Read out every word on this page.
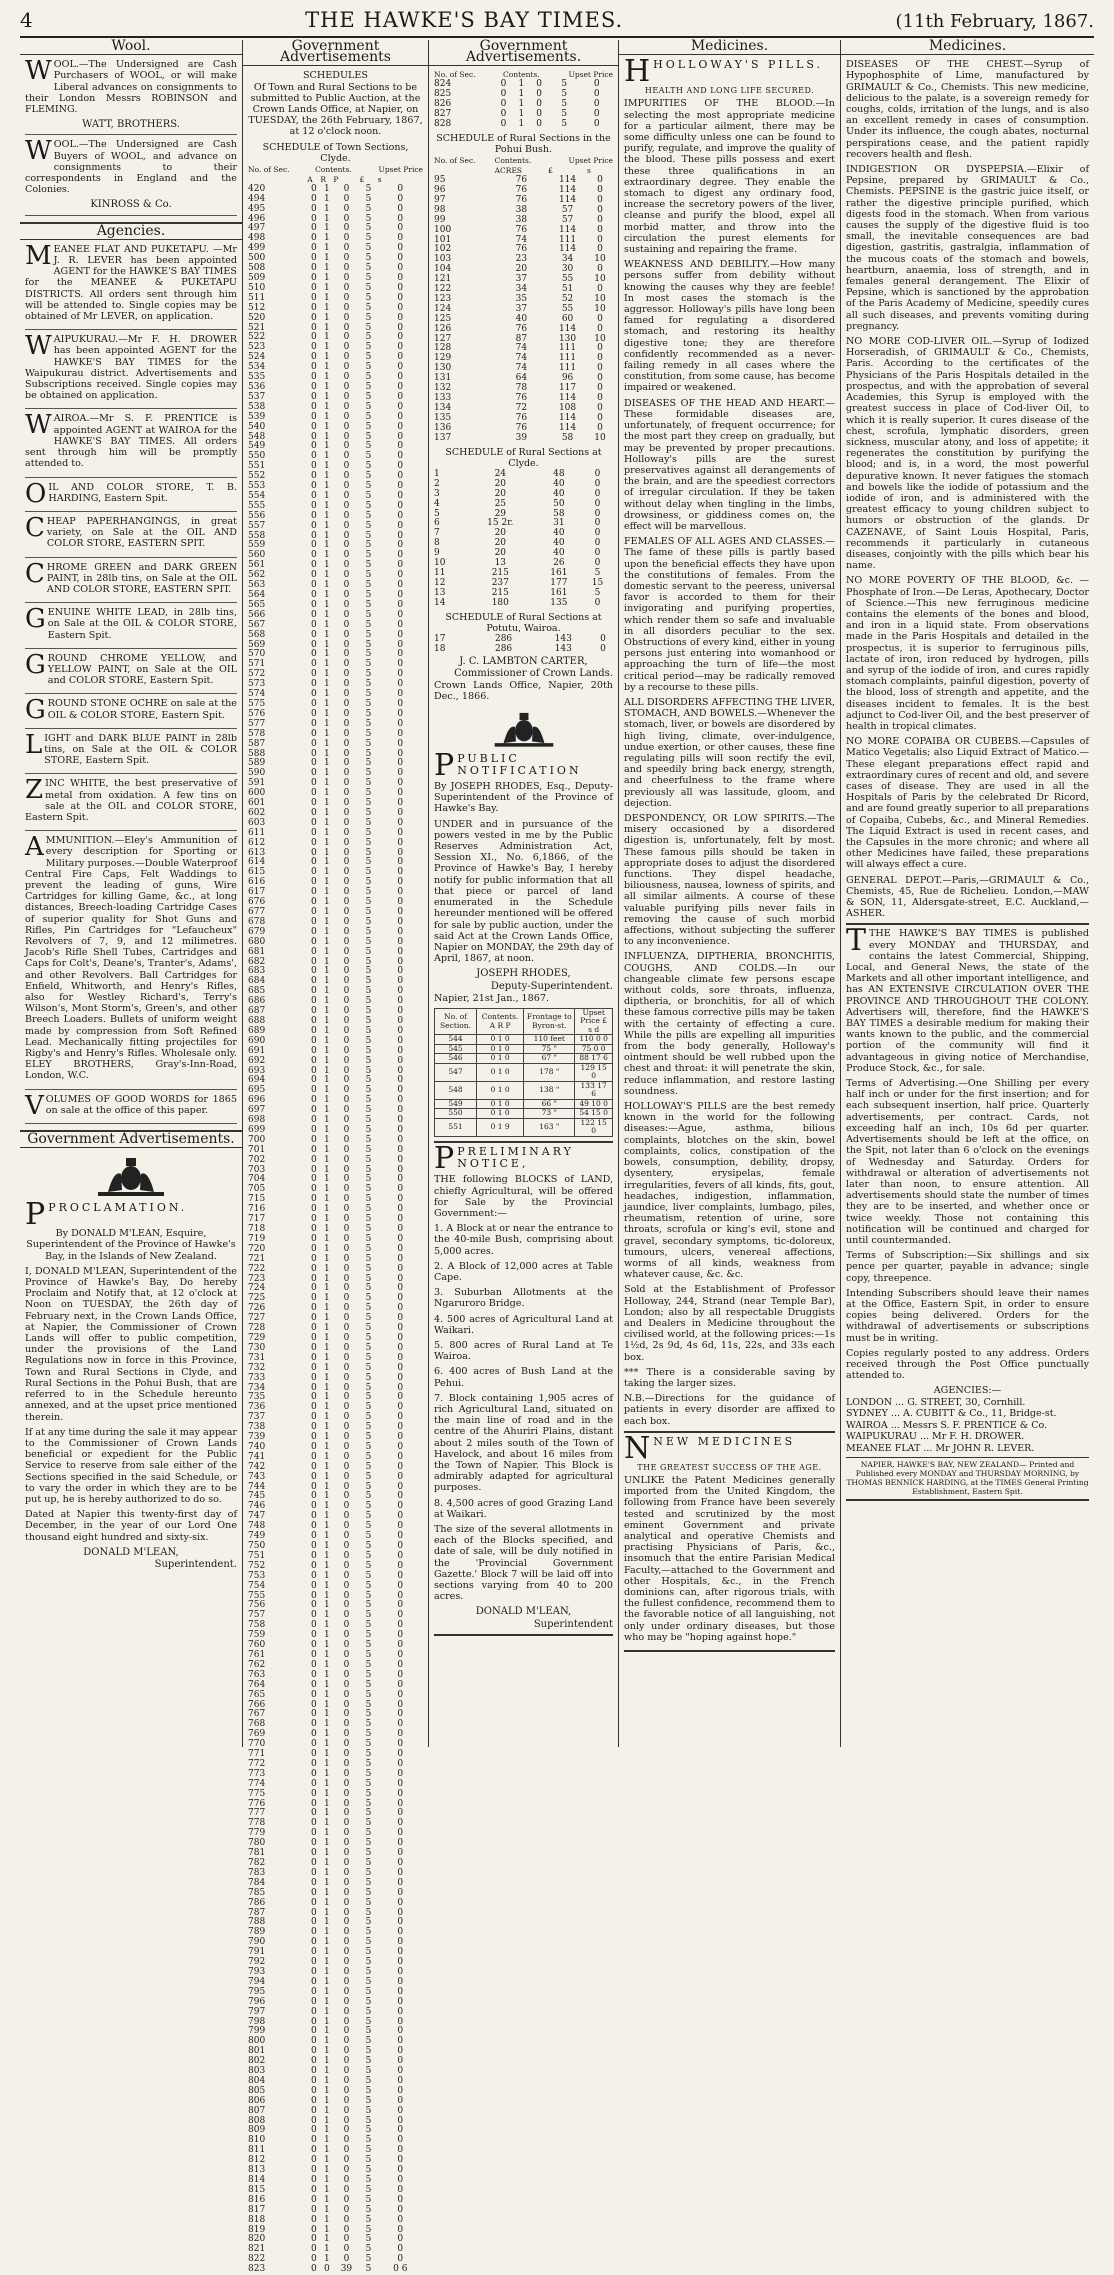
4	THE HAWKE'S BAY TIMES.	(11th February, 1867.
Wool.

WOOL.—The Undersigned are Cash Purchasers of WOOL, or will make Liberal advances on consignments to their London Messrs ROBINSON and FLEMING.

WATT, BROTHERS.

WOOL.—The Undersigned are Cash Buyers of WOOL, and advance on consignments to their correspondents in England and the Colonies.

KINROSS & Co.
Agencies.

MEANEE FLAT AND PUKETAPU. —Mr J. R. LEVER has been appointed AGENT for the HAWKE'S BAY TIMES for the MEANEE & PUKETAPU DISTRICTS. All orders sent through him will be attended to. Single copies may be obtained of Mr LEVER, on application.

WAIPUKURAU.—Mr F. H. DROWER has been appointed AGENT for the HAWKE'S BAY TIMES for the Waipukurau district. Advertisements and Subscriptions received. Single copies may be obtained on application.

WAIROA.—Mr S. F. PRENTICE is appointed AGENT at WAIROA for the HAWKE'S BAY TIMES. All orders sent through him will be promptly attended to.

OIL AND COLOR STORE, T. B. HARDING, Eastern Spit.

CHEAP PAPERHANGINGS, in great variety, on Sale at the OIL AND COLOR STORE, EASTERN SPIT.

CHROME GREEN and DARK GREEN PAINT, in 28lb tins, on Sale at the OIL AND COLOR STORE, EASTERN SPIT.

GENUINE WHITE LEAD, in 28lb tins, on Sale at the OIL & COLOR STORE, Eastern Spit.

GROUND CHROME YELLOW, and YELLOW PAINT, on Sale at the OIL and COLOR STORE, Eastern Spit.

GROUND STONE OCHRE on sale at the OIL & COLOR STORE, Eastern Spit.

LIGHT and DARK BLUE PAINT in 28lb tins, on Sale at the OIL & COLOR STORE, Eastern Spit.

ZINC WHITE, the best preservative of metal from oxidation. A few tins on sale at the OIL and COLOR STORE, Eastern Spit.

AMMUNITION.—Eley's Ammunition of every description for Sporting or Military purposes.—Double Waterproof Central Fire Caps, Felt Waddings to prevent the leading of guns, Wire Cartridges for killing Game, &c., at long distances, Breech-loading Cartridge Cases of superior quality for Shot Guns and Rifles, Pin Cartridges for "Lefaucheux" Revolvers of 7, 9, and 12 milimetres. Jacob's Rifle Shell Tubes, Cartridges and Caps for Colt's, Deane's, Tranter's, Adams', and other Revolvers. Ball Cartridges for Enfield, Whitworth, and Henry's Rifles, also for Westley Richard's, Terry's Wilson's, Mont Storm's, Green's, and other Breech Loaders. Bullets of uniform weight made by compression from Soft Refined Lead. Mechanically fitting projectiles for Rigby's and Henry's Rifles. Wholesale only. ELEY BROTHERS, Gray's-Inn-Road, London, W.C.

VOLUMES OF GOOD WORDS for 1865 on sale at the office of this paper.

Government Advertisements.

PPROCLAMATION.

By DONALD M'LEAN, Esquire, Superintendent of the Province of Hawke's Bay, in the Islands of New Zealand.

I, DONALD M'LEAN, Superintendent of the Province of Hawke's Bay, Do hereby Proclaim and Notify that, at 12 o'clock at Noon on TUESDAY, the 26th day of February next, in the Crown Lands Office, at Napier, the Commissioner of Crown Lands will offer to public competition, under the provisions of the Land Regulations now in force in this Province, Town and Rural Sections in Clyde, and Rural Sections in the Pohui Bush, that are referred to in the Schedule hereunto annexed, and at the upset price mentioned therein.

If at any time during the sale it may appear to the Commissioner of Crown Lands beneficial or expedient for the Public Service to reserve from sale either of the Sections specified in the said Schedule, or to vary the order in which they are to be put up, he is hereby authorized to do so.

Dated at Napier this twenty-first day of December, in the year of our Lord One thousand eight hundred and sixty-six.

DONALD M'LEAN,
Superintendent.
Government Advertisements
SCHEDULES

Of Town and Rural Sections to be submitted to Public Auction, at the Crown Lands Office, at Napier, on TUESDAY, the 26th February, 1867, at 12 o'clock noon.

SCHEDULE of Town Sections, Clyde.
No. of Sec.	Contents.			Upset Price	
	A	R	P	£	s
420	0	1	0	5	0
494	0	1	0	5	0
495	0	1	0	5	0
496	0	1	0	5	0
497	0	1	0	5	0
498	0	1	0	5	0
499	0	1	0	5	0
500	0	1	0	5	0
508	0	1	0	5	0
509	0	1	0	5	0
510	0	1	0	5	0
511	0	1	0	5	0
512	0	1	0	5	0
520	0	1	0	5	0
521	0	1	0	5	0
522	0	1	0	5	0
523	0	1	0	5	0
524	0	1	0	5	0
534	0	1	0	5	0
535	0	1	0	5	0
536	0	1	0	5	0
537	0	1	0	5	0
538	0	1	0	5	0
539	0	1	0	5	0
540	0	1	0	5	0
548	0	1	0	5	0
549	0	1	0	5	0
550	0	1	0	5	0
551	0	1	0	5	0
552	0	1	0	5	0
553	0	1	0	5	0
554	0	1	0	5	0
555	0	1	0	5	0
556	0	1	0	5	0
557	0	1	0	5	0
558	0	1	0	5	0
559	0	1	0	5	0
560	0	1	0	5	0
561	0	1	0	5	0
562	0	1	0	5	0
563	0	1	0	5	0
564	0	1	0	5	0
565	0	1	0	5	0
566	0	1	0	5	0
567	0	1	0	5	0
568	0	1	0	5	0
569	0	1	0	5	0
570	0	1	0	5	0
571	0	1	0	5	0
572	0	1	0	5	0
573	0	1	0	5	0
574	0	1	0	5	0
575	0	1	0	5	0
576	0	1	0	5	0
577	0	1	0	5	0
578	0	1	0	5	0
587	0	1	0	5	0
588	0	1	0	5	0
589	0	1	0	5	0
590	0	1	0	5	0
591	0	1	0	5	0
600	0	1	0	5	0
601	0	1	0	5	0
602	0	1	0	5	0
603	0	1	0	5	0
611	0	1	0	5	0
612	0	1	0	5	0
613	0	1	0	5	0
614	0	1	0	5	0
615	0	1	0	5	0
616	0	1	0	5	0
617	0	1	0	5	0
676	0	1	0	5	0
677	0	1	0	5	0
678	0	1	0	5	0
679	0	1	0	5	0
680	0	1	0	5	0
681	0	1	0	5	0
682	0	1	0	5	0
683	0	1	0	5	0
684	0	1	0	5	0
685	0	1	0	5	0
686	0	1	0	5	0
687	0	1	0	5	0
688	0	1	0	5	0
689	0	1	0	5	0
690	0	1	0	5	0
691	0	1	0	5	0
692	0	1	0	5	0
693	0	1	0	5	0
694	0	1	0	5	0
695	0	1	0	5	0
696	0	1	0	5	0
697	0	1	0	5	0
698	0	1	0	5	0
699	0	1	0	5	0
700	0	1	0	5	0
701	0	1	0	5	0
702	0	1	0	5	0
703	0	1	0	5	0
704	0	1	0	5	0
705	0	1	0	5	0
715	0	1	0	5	0
716	0	1	0	5	0
717	0	1	0	5	0
718	0	1	0	5	0
719	0	1	0	5	0
720	0	1	0	5	0
721	0	1	0	5	0
722	0	1	0	5	0
723	0	1	0	5	0
724	0	1	0	5	0
725	0	1	0	5	0
726	0	1	0	5	0
727	0	1	0	5	0
728	0	1	0	5	0
729	0	1	0	5	0
730	0	1	0	5	0
731	0	1	0	5	0
732	0	1	0	5	0
733	0	1	0	5	0
734	0	1	0	5	0
735	0	1	0	5	0
736	0	1	0	5	0
737	0	1	0	5	0
738	0	1	0	5	0
739	0	1	0	5	0
740	0	1	0	5	0
741	0	1	0	5	0
742	0	1	0	5	0
743	0	1	0	5	0
744	0	1	0	5	0
745	0	1	0	5	0
746	0	1	0	5	0
747	0	1	0	5	0
748	0	1	0	5	0
749	0	1	0	5	0
750	0	1	0	5	0
751	0	1	0	5	0
752	0	1	0	5	0
753	0	1	0	5	0
754	0	1	0	5	0
755	0	1	0	5	0
756	0	1	0	5	0
757	0	1	0	5	0
758	0	1	0	5	0
759	0	1	0	5	0
760	0	1	0	5	0
761	0	1	0	5	0
762	0	1	0	5	0
763	0	1	0	5	0
764	0	1	0	5	0
765	0	1	0	5	0
766	0	1	0	5	0
767	0	1	0	5	0
768	0	1	0	5	0
769	0	1	0	5	0
770	0	1	0	5	0
771	0	1	0	5	0
772	0	1	0	5	0
773	0	1	0	5	0
774	0	1	0	5	0
775	0	1	0	5	0
776	0	1	0	5	0
777	0	1	0	5	0
778	0	1	0	5	0
779	0	1	0	5	0
780	0	1	0	5	0
781	0	1	0	5	0
782	0	1	0	5	0
783	0	1	0	5	0
784	0	1	0	5	0
785	0	1	0	5	0
786	0	1	0	5	0
787	0	1	0	5	0
788	0	1	0	5	0
789	0	1	0	5	0
790	0	1	0	5	0
791	0	1	0	5	0
792	0	1	0	5	0
793	0	1	0	5	0
794	0	1	0	5	0
795	0	1	0	5	0
796	0	1	0	5	0
797	0	1	0	5	0
798	0	1	0	5	0
799	0	1	0	5	0
800	0	1	0	5	0
801	0	1	0	5	0
802	0	1	0	5	0
803	0	1	0	5	0
804	0	1	0	5	0
805	0	1	0	5	0
806	0	1	0	5	0
807	0	1	0	5	0
808	0	1	0	5	0
809	0	1	0	5	0
810	0	1	0	5	0
811	0	1	0	5	0
812	0	1	0	5	0
813	0	1	0	5	0
814	0	1	0	5	0
815	0	1	0	5	0
816	0	1	0	5	0
817	0	1	0	5	0
818	0	1	0	5	0
819	0	1	0	5	0
820	0	1	0	5	0
821	0	1	0	5	0
822	0	1	0	5	0
823	0	0	39	5	0 6
Government Advertisements.
No. of Sec.	Contents.			Upset Price	
824	0	1	0	5	0
825	0	1	0	5	0
826	0	1	0	5	0
827	0	1	0	5	0
828	0	1	0	5	0
SCHEDULE of Rural Sections in the Pohui Bush.
No. of Sec.	Contents.	Upset Price	
	ACRES	£	s
95	76	114	0
96	76	114	0
97	76	114	0
98	38	57	0
99	38	57	0
100	76	114	0
101	74	111	0
102	76	114	0
103	23	34	10
104	20	30	0
121	37	55	10
122	34	51	0
123	35	52	10
124	37	55	10
125	40	60	0
126	76	114	0
127	87	130	10
128	74	111	0
129	74	111	0
130	74	111	0
131	64	96	0
132	78	117	0
133	76	114	0
134	72	108	0
135	76	114	0
136	76	114	0
137	39	58	10
SCHEDULE of Rural Sections at Clyde.
1	24	48	0
2	20	40	0
3	20	40	0
4	25	50	0
5	29	58	0
6	15 2r.	31	0
7	20	40	0
8	20	40	0
9	20	40	0
10	13	26	0
11	215	161	5
12	237	177	15
13	215	161	5
14	180	135	0
SCHEDULE of Rural Sections at Potutu, Wairoa.
17	286	143	0
18	286	143	0
J. C. LAMBTON CARTER,
Commissioner of Crown Lands.

Crown Lands Office, Napier, 20th Dec., 1866.

PPUBLIC NOTIFICATION

By JOSEPH RHODES, Esq., Deputy-Superintendent of the Province of Hawke's Bay.

UNDER and in pursuance of the powers vested in me by the Public Reserves Administration Act, Session XI., No. 6,1866, of the Province of Hawke's Bay, I hereby notify for public information that all that piece or parcel of land enumerated in the Schedule hereunder mentioned will be offered for sale by public auction, under the said Act at the Crown Lands Office, Napier on MONDAY, the 29th day of April, 1867, at noon.

JOSEPH RHODES,
Deputy-Superintendent.

Napier, 21st Jan., 1867.

No. of Section.	Contents. A R P	Frontage to Byron-st.	Upset Price £ s d
544	0 1 0	110 feet	110 0 0
545	0 1 0	75 "	75 0 0
546	0 1 0	67 "	88 17 6
547	0 1 0	178 "	129 15 0
548	0 1 0	138 "	133 17 6
549	0 1 0	66 "	49 10 0
550	0 1 0	73 "	54 15 0
551	0 1 9	163 "	122 15 0

PPRELIMINARY NOTICE,

THE following BLOCKS of LAND, chiefly Agricultural, will be offered for Sale by the Provincial Government:—

1. A Block at or near the entrance to the 40-mile Bush, comprising about 5,000 acres.

2. A Block of 12,000 acres at Table Cape.

3. Suburban Allotments at the Ngaruroro Bridge.

4. 500 acres of Agricultural Land at Waikari.

5. 800 acres of Rural Land at Te Wairoa.

6. 400 acres of Bush Land at the Pehui.

7. Block containing 1,905 acres of rich Agricultural Land, situated on the main line of road and in the centre of the Ahuriri Plains, distant about 2 miles south of the Town of Havelock, and about 16 miles from the Town of Napier. This Block is admirably adapted for agricultural purposes.

8. 4,500 acres of good Grazing Land at Waikari.

The size of the several allotments in each of the Blocks specified, and date of sale, will be duly notified in the 'Provincial Government Gazette.' Block 7 will be laid off into sections varying from 40 to 200 acres.

DONALD M'LEAN,
Superintendent
Medicines.

HHOLLOWAY'S PILLS.

HEALTH AND LONG LIFE SECURED.

IMPURITIES OF THE BLOOD.—In selecting the most appropriate medicine for a particular ailment, there may be some difficulty unless one can be found to purify, regulate, and improve the quality of the blood. These pills possess and exert these three qualifications in an extraordinary degree. They enable the stomach to digest any ordinary food, increase the secretory powers of the liver, cleanse and purify the blood, expel all morbid matter, and throw into the circulation the purest elements for sustaining and repairing the frame.

WEAKNESS AND DEBILITY.—How many persons suffer from debility without knowing the causes why they are feeble! In most cases the stomach is the aggressor. Holloway's pills have long been famed for regulating a disordered stomach, and restoring its healthy digestive tone; they are therefore confidently recommended as a never-failing remedy in all cases where the constitution, from some cause, has become impaired or weakened.

DISEASES OF THE HEAD AND HEART.—These formidable diseases are, unfortunately, of frequent occurrence; for the most part they creep on gradually, but may be prevented by proper precautions. Holloway's pills are the surest preservatives against all derangements of the brain, and are the speediest correctors of irregular circulation. If they be taken without delay when tingling in the limbs, drowsiness, or giddiness comes on, the effect will be marvellous.

FEMALES OF ALL AGES AND CLASSES.—The fame of these pills is partly based upon the beneficial effects they have upon the constitutions of females. From the domestic servant to the peeress, universal favor is accorded to them for their invigorating and purifying properties, which render them so safe and invaluable in all disorders peculiar to the sex. Obstructions of every kind, either in young persons just entering into womanhood or approaching the turn of life—the most critical period—may be radically removed by a recourse to these pills.

ALL DISORDERS AFFECTING THE LIVER, STOMACH, AND BOWELS.—Whenever the stomach, liver, or bowels are disordered by high living, climate, over-indulgence, undue exertion, or other causes, these fine regulating pills will soon rectify the evil, and speedily bring back energy, strength, and cheerfulness to the frame where previously all was lassitude, gloom, and dejection.

DESPONDENCY, OR LOW SPIRITS.—The misery occasioned by a disordered digestion is, unfortunately, felt by most. These famous pills should be taken in appropriate doses to adjust the disordered functions. They dispel headache, biliousness, nausea, lowness of spirits, and all similar ailments. A course of these valuable purifying pills never fails in removing the cause of such morbid affections, without subjecting the sufferer to any inconvenience.

INFLUENZA, DIPTHERIA, BRONCHITIS, COUGHS, AND COLDS.—In our changeable climate few persons escape without colds, sore throats, influenza, diptheria, or bronchitis, for all of which these famous corrective pills may be taken with the certainty of effecting a cure. While the pills are expelling all impurities from the body generally, Holloway's ointment should be well rubbed upon the chest and throat: it will penetrate the skin, reduce inflammation, and restore lasting soundness.

HOLLOWAY'S PILLS are the best remedy known in the world for the following diseases:—Ague, asthma, bilious complaints, blotches on the skin, bowel complaints, colics, constipation of the bowels, consumption, debility, dropsy, dysentery, erysipelas, female irregularities, fevers of all kinds, fits, gout, headaches, indigestion, inflammation, jaundice, liver complaints, lumbago, piles, rheumatism, retention of urine, sore throats, scrofula or king's evil, stone and gravel, secondary symptoms, tic-doloreux, tumours, ulcers, venereal affections, worms of all kinds, weakness from whatever cause, &c. &c.

Sold at the Establishment of Professor Holloway, 244, Strand (near Temple Bar), London; also by all respectable Druggists and Dealers in Medicine throughout the civilised world, at the following prices:—1s 1½d, 2s 9d, 4s 6d, 11s, 22s, and 33s each box.

*** There is a considerable saving by taking the larger sizes.

N.B.—Directions for the guidance of patients in every disorder are affixed to each box.

NNEW MEDICINES

THE GREATEST SUCCESS OF THE AGE.

UNLIKE the Patent Medicines generally imported from the United Kingdom, the following from France have been severely tested and scrutinized by the most eminent Government and private analytical and operative Chemists and practising Physicians of Paris, &c., insomuch that the entire Parisian Medical Faculty,—attached to the Government and other Hospitals, &c., in the French dominions can, after rigorous trials, with the fullest confidence, recommend them to the favorable notice of all languishing, not only under ordinary diseases, but those who may be "hoping against hope."

Medicines.

DISEASES OF THE CHEST.—Syrup of Hypophosphite of Lime, manufactured by GRIMAULT & Co., Chemists. This new medicine, delicious to the palate, is a sovereign remedy for coughs, colds, irritation of the lungs, and is also an excellent remedy in cases of consumption. Under its influence, the cough abates, nocturnal perspirations cease, and the patient rapidly recovers health and flesh.

INDIGESTION OR DYSPEPSIA.—Elixir of Pepsine, prepared by GRIMAULT & Co., Chemists. PEPSINE is the gastric juice itself, or rather the digestive principle purified, which digests food in the stomach. When from various causes the supply of the digestive fluid is too small, the inevitable consequences are bad digestion, gastritis, gastralgia, inflammation of the mucous coats of the stomach and bowels, heartburn, anaemia, loss of strength, and in females general derangement. The Elixir of Pepsine, which is sanctioned by the approbation of the Paris Academy of Medicine, speedily cures all such diseases, and prevents vomiting during pregnancy.

NO MORE COD-LIVER OIL.—Syrup of Iodized Horseradish, of GRIMAULT & Co., Chemists, Paris. According to the certificates of the Physicians of the Paris Hospitals detailed in the prospectus, and with the approbation of several Academies, this Syrup is employed with the greatest success in place of Cod-liver Oil, to which it is really superior. It cures disease of the chest, scrofula, lymphatic disorders, green sickness, muscular atony, and loss of appetite; it regenerates the constitution by purifying the blood; and is, in a word, the most powerful depurative known. It never fatigues the stomach and bowels like the iodide of potassium and the iodide of iron, and is administered with the greatest efficacy to young children subject to humors or obstruction of the glands. Dr CAZENAVE, of Saint Louis Hospital, Paris, recommends it particularly in cutaneous diseases, conjointly with the pills which bear his name.

NO MORE POVERTY OF THE BLOOD, &c. —Phosphate of Iron.—De Leras, Apothecary, Doctor of Science.—This new ferruginous medicine contains the elements of the bones and blood, and iron in a liquid state. From observations made in the Paris Hospitals and detailed in the prospectus, it is superior to ferruginous pills, lactate of iron, iron reduced by hydrogen, pills and syrup of the iodide of iron, and cures rapidly stomach complaints, painful digestion, poverty of the blood, loss of strength and appetite, and the diseases incident to females. It is the best adjunct to Cod-liver Oil, and the best preserver of health in tropical climates.

NO MORE COPAIBA OR CUBEBS.—Capsules of Matico Vegetalis; also Liquid Extract of Matico.—These elegant preparations effect rapid and extraordinary cures of recent and old, and severe cases of disease. They are used in all the Hospitals of Paris by the celebrated Dr Ricord, and are found greatly superior to all preparations of Copaiba, Cubebs, &c., and Mineral Remedies. The Liquid Extract is used in recent cases, and the Capsules in the more chronic; and where all other Medicines have failed, these preparations will always effect a cure.

GENERAL DEPOT.—Paris,—GRIMAULT & Co., Chemists, 45, Rue de Richelieu. London,—MAW & SON, 11, Aldersgate-street, E.C. Auckland,—ASHER.

TTHE HAWKE'S BAY TIMES is published every MONDAY and THURSDAY, and contains the latest Commercial, Shipping, Local, and General News, the state of the Markets and all other important intelligence, and has AN EXTENSIVE CIRCULATION OVER THE PROVINCE AND THROUGHOUT THE COLONY. Advertisers will, therefore, find the HAWKE'S BAY TIMES a desirable medium for making their wants known to the public, and the commercial portion of the community will find it advantageous in giving notice of Merchandise, Produce Stock, &c., for sale.

Terms of Advertising.—One Shilling per every half inch or under for the first insertion; and for each subsequent insertion, half price. Quarterly advertisements, per contract. Cards, not exceeding half an inch, 10s 6d per quarter. Advertisements should be left at the office, on the Spit, not later than 6 o'clock on the evenings of Wednesday and Saturday. Orders for withdrawal or alteration of advertisements not later than noon, to ensure attention. All advertisements should state the number of times they are to be inserted, and whether once or twice weekly. Those not containing this notification will be continued and charged for until countermanded.

Terms of Subscription:—Six shillings and six pence per quarter, payable in advance; single copy, threepence.

Intending Subscribers should leave their names at the Office, Eastern Spit, in order to ensure copies being delivered. Orders for the withdrawal of advertisements or subscriptions must be in writing.

Copies regularly posted to any address. Orders received through the Post Office punctually attended to.

AGENCIES:—
LONDON ... G. STREET, 30, Cornhill.
SYDNEY ... A. CUBITT & Co., 11, Bridge-st.
WAIROA ... Messrs S. F. PRENTICE & Co.
WAIPUKURAU ... Mr F. H. DROWER.
MEANEE FLAT ... Mr JOHN R. LEVER.
NAPIER, HAWKE'S BAY, NEW ZEALAND— Printed and Published every MONDAY and THURSDAY MORNING, by THOMAS BENNICK HARDING, at the TIMES General Printing Establishment, Eastern Spit.
